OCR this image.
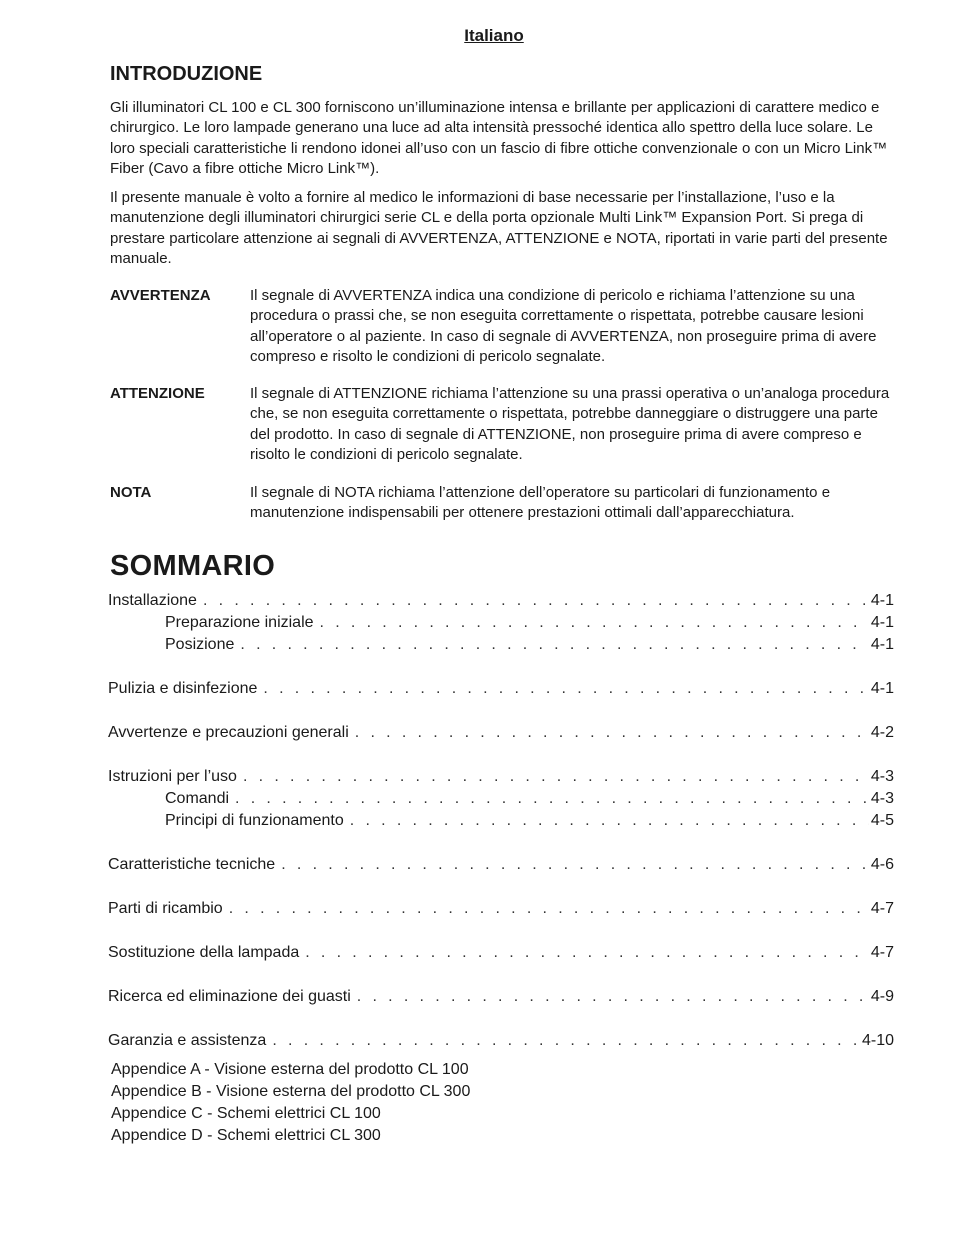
Italiano
INTRODUZIONE

Gli illuminatori CL 100 e CL 300 forniscono un’illuminazione intensa e brillante per applicazioni di carattere medico e chirurgico. Le loro lampade generano una luce ad alta intensità pressoché identica allo spettro della luce solare. Le loro speciali caratteristiche li rendono idonei all’uso con un fascio di fibre ottiche convenzionale o con un Micro Link™ Fiber (Cavo a fibre ottiche Micro Link™).

Il presente manuale è volto a fornire al medico le informazioni di base necessarie per l’installazione, l’uso e la manutenzione degli illuminatori chirurgici serie CL e della porta opzionale Multi Link™ Expansion Port. Si prega di prestare particolare attenzione ai segnali di AVVERTENZA, ATTENZIONE e NOTA, riportati in varie parti del presente manuale.

AVVERTENZA	Il segnale di AVVERTENZA indica una condizione di pericolo e richiama l’attenzione su una procedura o prassi che, se non eseguita correttamente o rispettata, potrebbe causare lesioni all’operatore o al paziente. In caso di segnale di AVVERTENZA, non proseguire prima di avere compreso e risolto le condizioni di pericolo segnalate.
ATTENZIONE	Il segnale di ATTENZIONE richiama l’attenzione su una prassi operativa o un’analoga procedura che, se non eseguita correttamente o rispettata, potrebbe danneggiare o distruggere una parte del prodotto. In caso di segnale di ATTENZIONE, non proseguire prima di avere compreso e risolto le condizioni di pericolo segnalate.
NOTA	Il segnale di NOTA richiama l’attenzione dell’operatore su particolari di funzionamento e manutenzione indispensabili per ottenere prestazioni ottimali dall’apparecchiatura.
SOMMARIO
Installazione . . .	4-1
Preparazione iniziale . . .	4-1
Posizione . . .	4-1
Pulizia e disinfezione . . .	4-1
Avvertenze e precauzioni generali . . .	4-2
Istruzioni per l’uso . . .	4-3
Comandi . . .	4-3
Principi di funzionamento . . .	4-5
Caratteristiche tecniche . . .	4-6
Parti di ricambio . . .	4-7
Sostituzione della lampada . . .	4-7
Ricerca ed eliminazione dei guasti . . .	4-9
Garanzia e assistenza . . .	4-10
Appendice A - Visione esterna del prodotto CL 100
Appendice B - Visione esterna del prodotto CL 300
Appendice C - Schemi elettrici CL 100
Appendice D - Schemi elettrici CL 300
